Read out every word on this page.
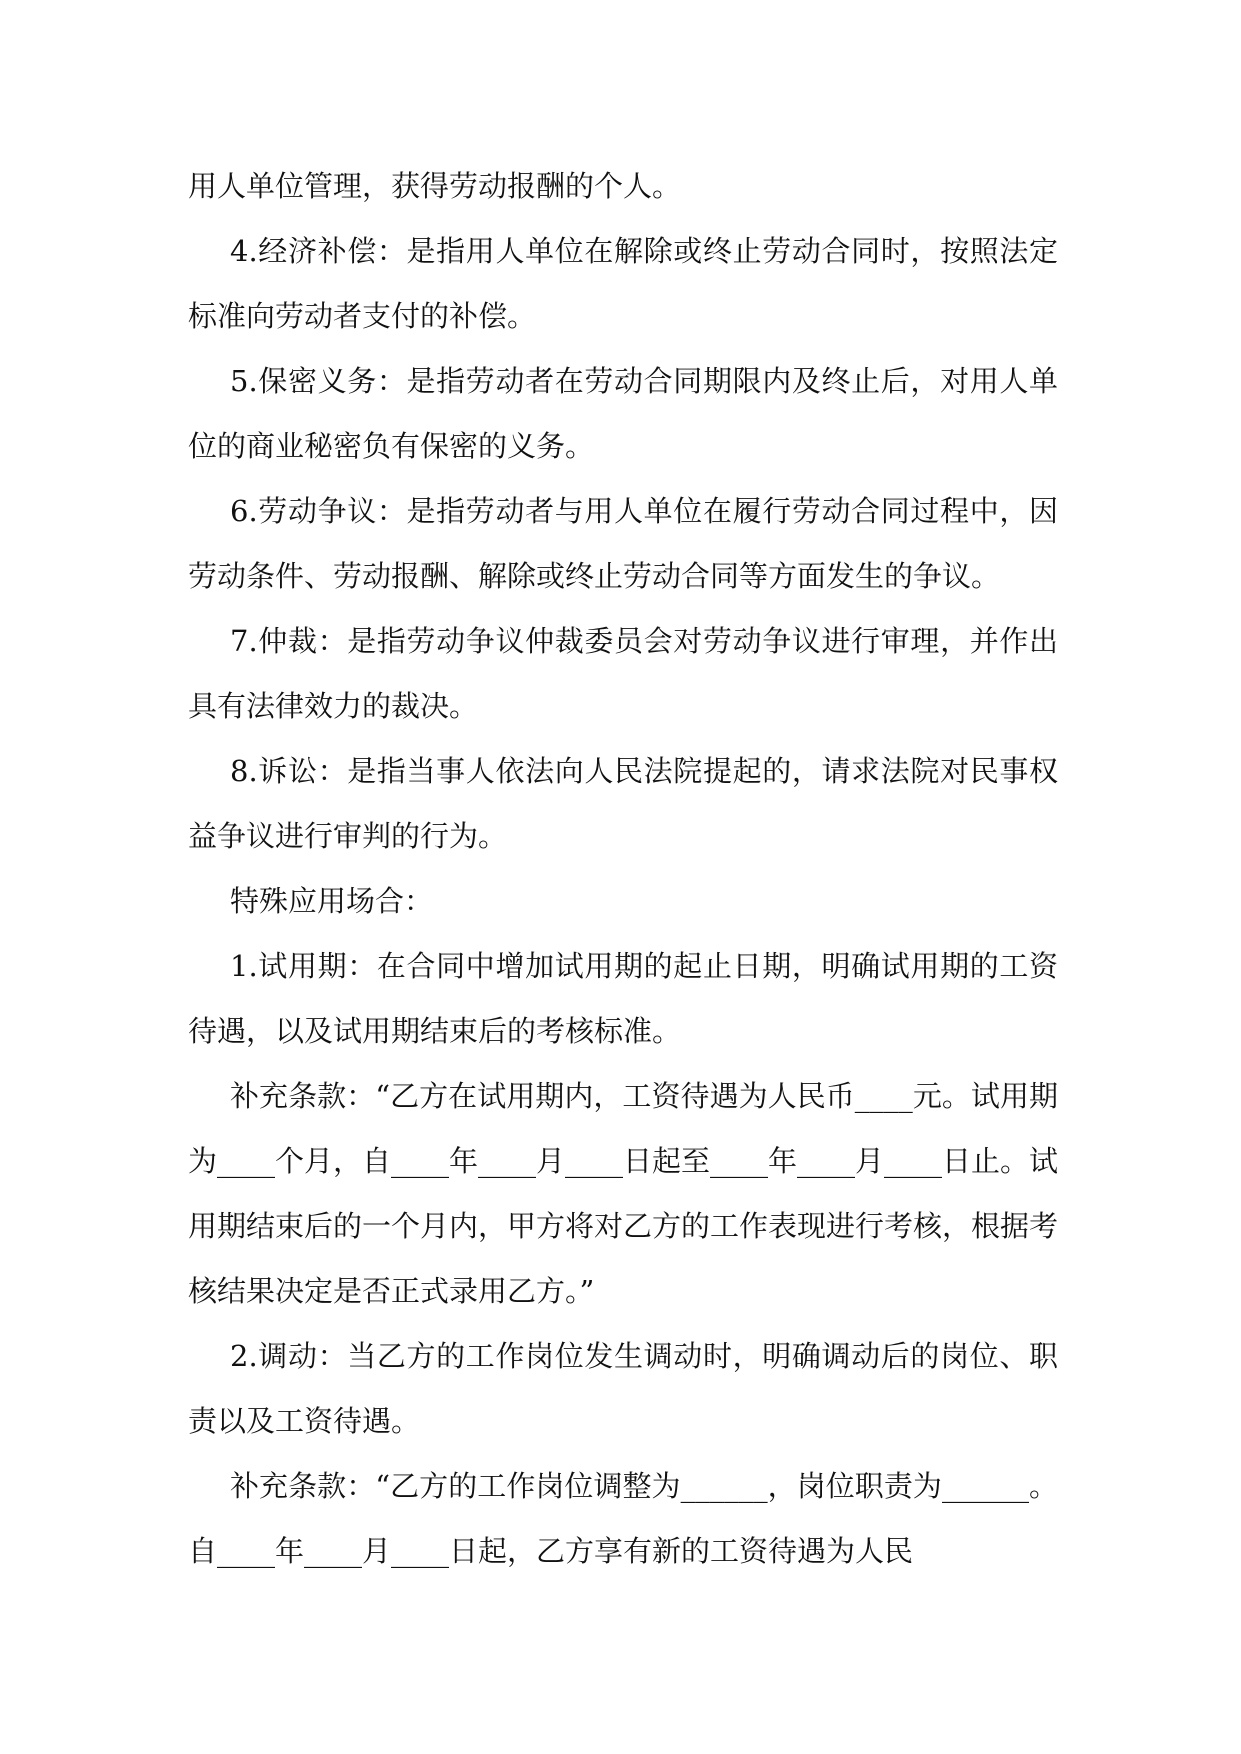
用人单位管理，获得劳动报酬的个人。

4.经济补偿：是指用人单位在解除或终止劳动合同时，按照法定标准向劳动者支付的补偿。

5.保密义务：是指劳动者在劳动合同期限内及终止后，对用人单位的商业秘密负有保密的义务。

6.劳动争议：是指劳动者与用人单位在履行劳动合同过程中，因劳动条件、劳动报酬、解除或终止劳动合同等方面发生的争议。

7.仲裁：是指劳动争议仲裁委员会对劳动争议进行审理，并作出具有法律效力的裁决。

8.诉讼：是指当事人依法向人民法院提起的，请求法院对民事权益争议进行审判的行为。

特殊应用场合：

1.试用期：在合同中增加试用期的起止日期，明确试用期的工资待遇，以及试用期结束后的考核标准。

补充条款：“乙方在试用期内，工资待遇为人民币____元。试用期为____个月，自____年____月____日起至____年____月____日止。试用期结束后的一个月内，甲方将对乙方的工作表现进行考核，根据考核结果决定是否正式录用乙方。”

2.调动：当乙方的工作岗位发生调动时，明确调动后的岗位、职责以及工资待遇。

补充条款：“乙方的工作岗位调整为______，岗位职责为______。自____年____月____日起，乙方享有新的工资待遇为人民
